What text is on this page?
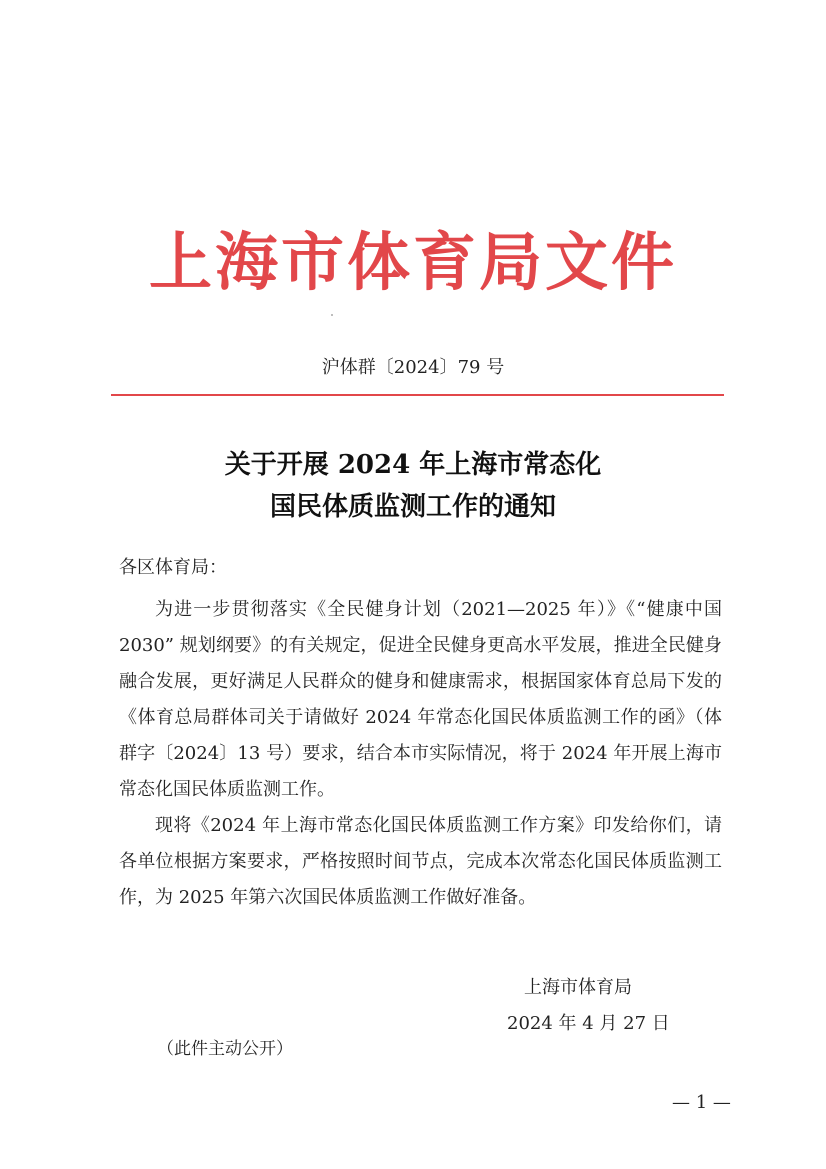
上海市体育局文件
沪体群〔2024〕79 号
关于开展 2024 年上海市常态化
国民体质监测工作的通知
各区体育局：

为进一步贯彻落实《全民健身计划（2021—2025 年）》《“健康中国 2030” 规划纲要》的有关规定，促进全民健身更高水平发展，推进全民健身融合发展，更好满足人民群众的健身和健康需求，根据国家体育总局下发的《体育总局群体司关于请做好 2024 年常态化国民体质监测工作的函》（体群字〔2024〕13 号）要求，结合本市实际情况，将于 2024 年开展上海市常态化国民体质监测工作。

现将《2024 年上海市常态化国民体质监测工作方案》印发给你们，请各单位根据方案要求，严格按照时间节点，完成本次常态化国民体质监测工作，为 2025 年第六次国民体质监测工作做好准备。

上海市体育局
2024 年 4 月 27 日
（此件主动公开）
— 1 —
